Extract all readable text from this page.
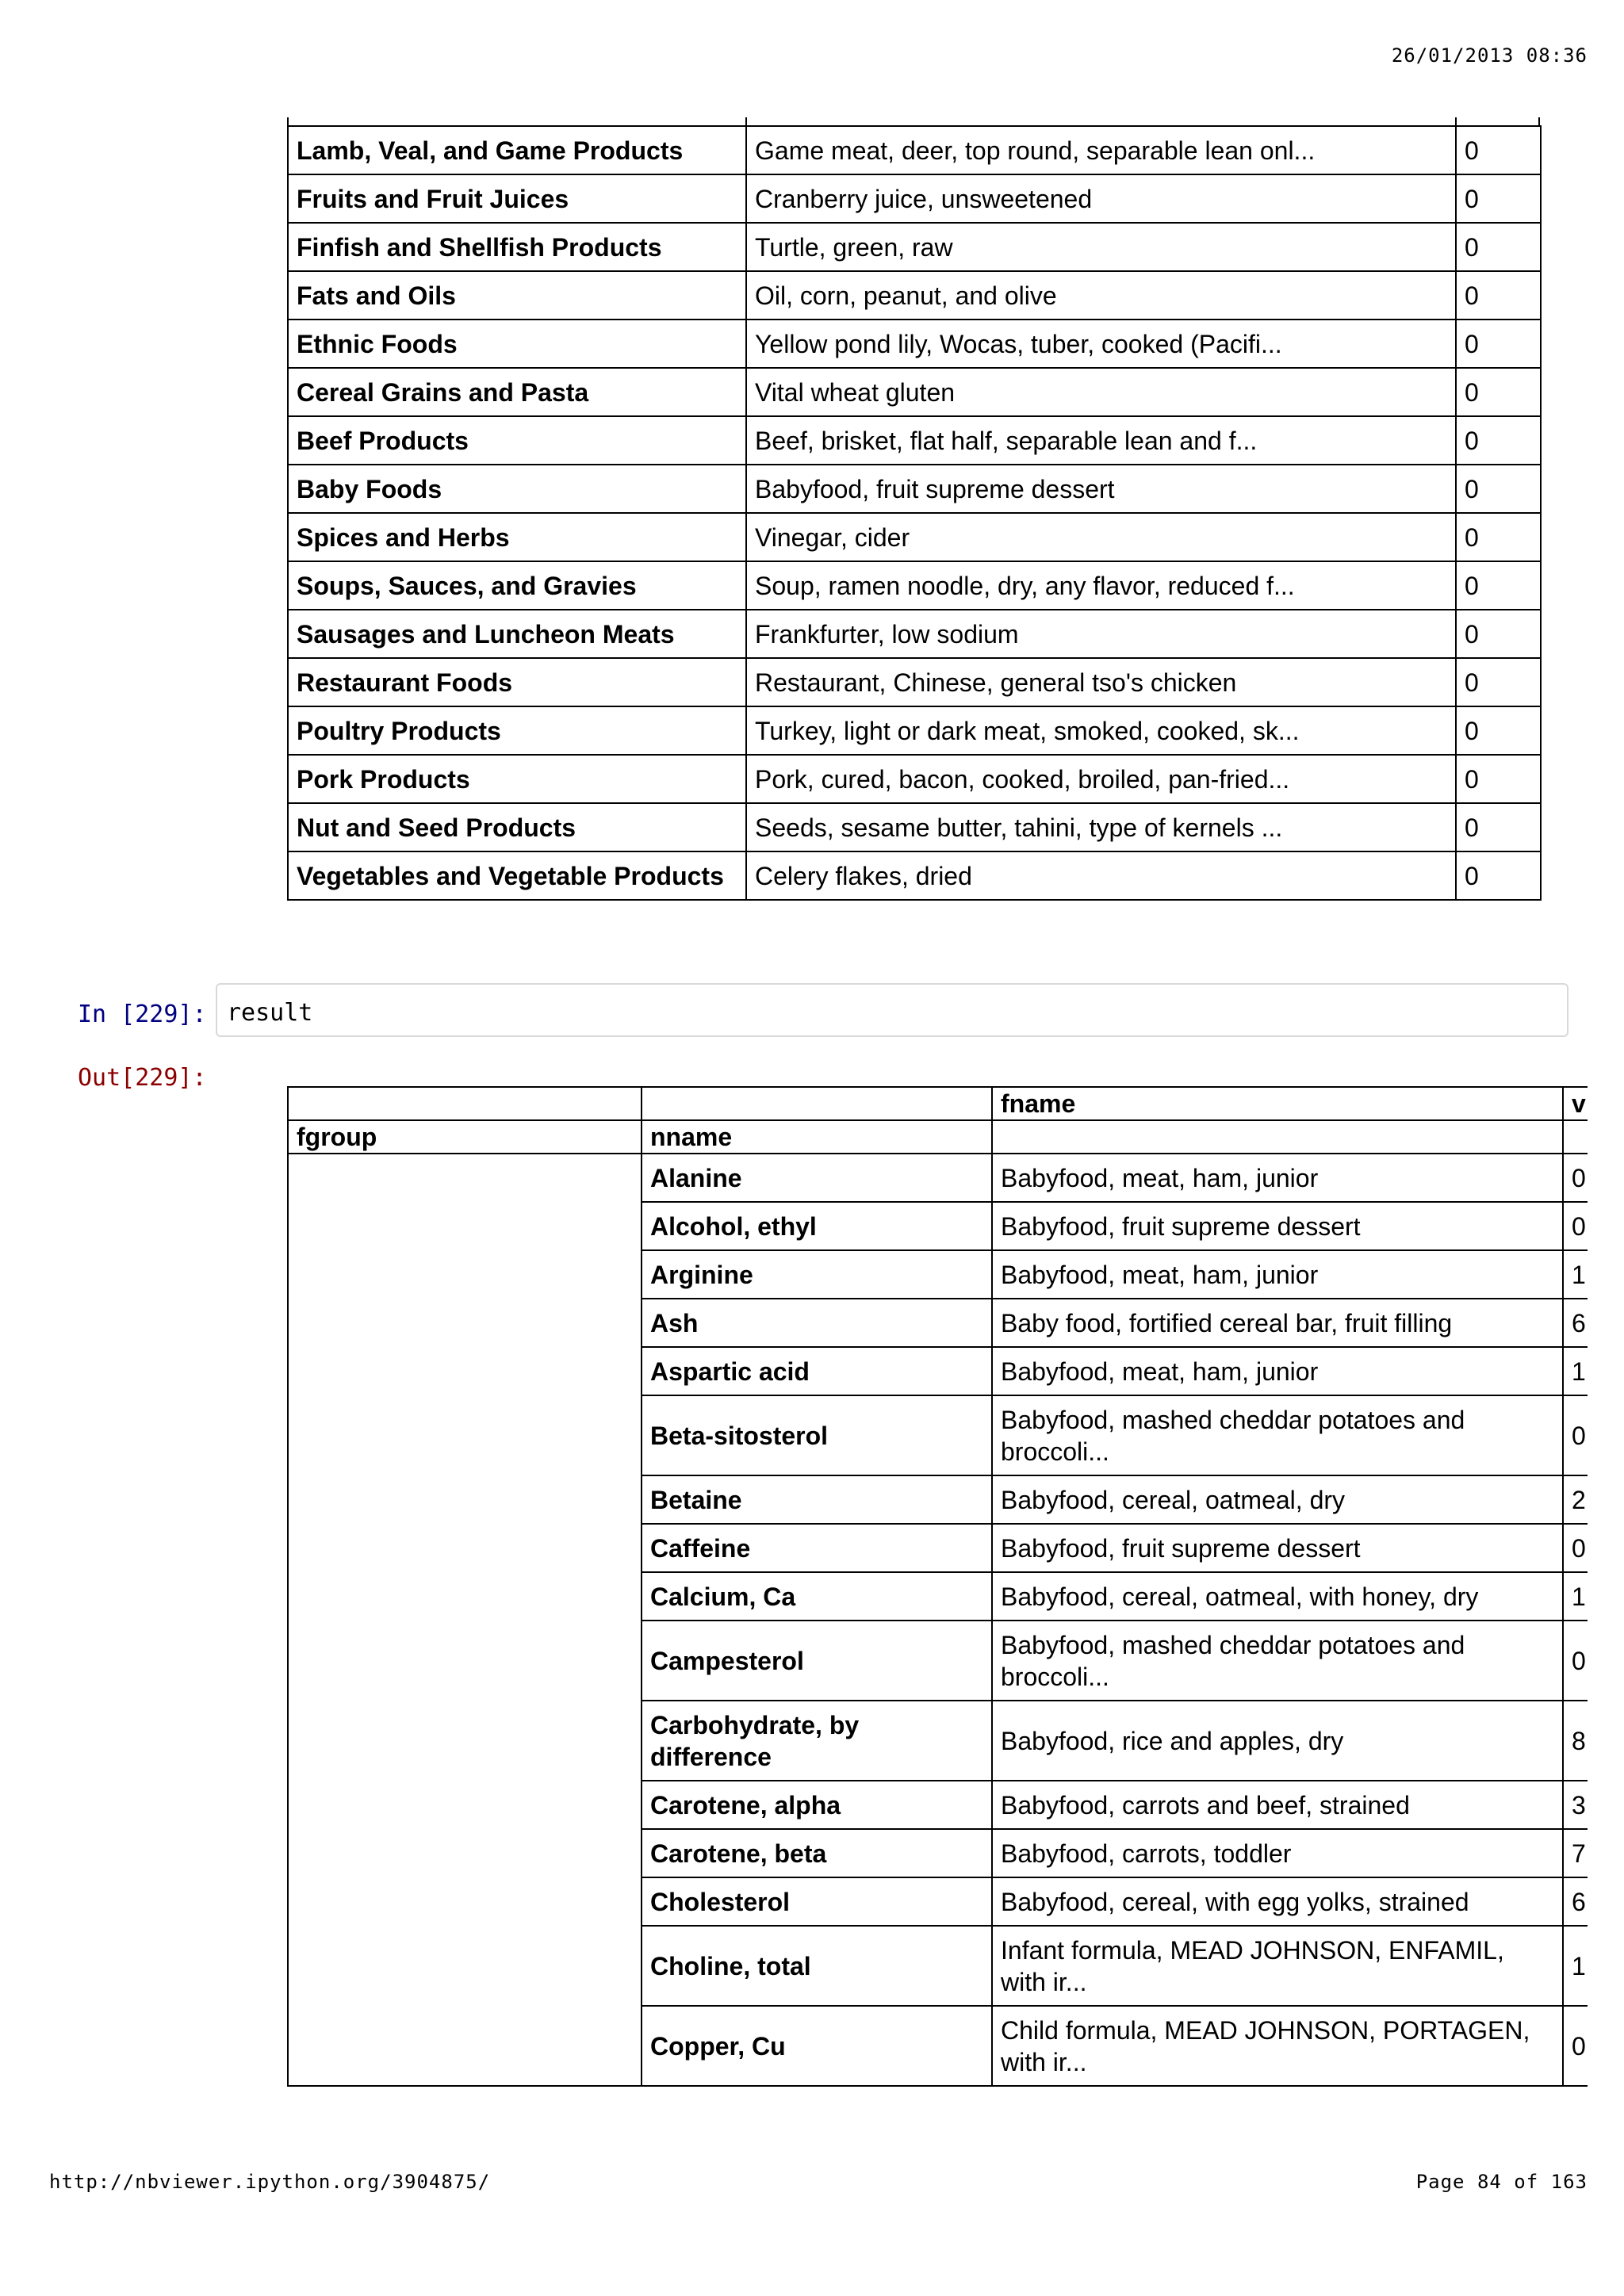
26/01/2013 08:36
Lamb, Veal, and Game Products	Game meat, deer, top round, separable lean onl...	0
Fruits and Fruit Juices	Cranberry juice, unsweetened	0
Finfish and Shellfish Products	Turtle, green, raw	0
Fats and Oils	Oil, corn, peanut, and olive	0
Ethnic Foods	Yellow pond lily, Wocas, tuber, cooked (Pacifi...	0
Cereal Grains and Pasta	Vital wheat gluten	0
Beef Products	Beef, brisket, flat half, separable lean and f...	0
Baby Foods	Babyfood, fruit supreme dessert	0
Spices and Herbs	Vinegar, cider	0
Soups, Sauces, and Gravies	Soup, ramen noodle, dry, any flavor, reduced f...	0
Sausages and Luncheon Meats	Frankfurter, low sodium	0
Restaurant Foods	Restaurant, Chinese, general tso's chicken	0
Poultry Products	Turkey, light or dark meat, smoked, cooked, sk...	0
Pork Products	Pork, cured, bacon, cooked, broiled, pan-fried...	0
Nut and Seed Products	Seeds, sesame butter, tahini, type of kernels ...	0
Vegetables and Vegetable Products	Celery flakes, dried	0
In [229]: result
Out[229]:
		fname	v
fgroup	nname		
	Alanine	Babyfood, meat, ham, junior	0
	Alcohol, ethyl	Babyfood, fruit supreme dessert	0
	Arginine	Babyfood, meat, ham, junior	1
	Ash	Baby food, fortified cereal bar, fruit filling	6
	Aspartic acid	Babyfood, meat, ham, junior	1
	Beta-sitosterol	Babyfood, mashed cheddar potatoes and broccoli...	0
	Betaine	Babyfood, cereal, oatmeal, dry	2
	Caffeine	Babyfood, fruit supreme dessert	0
	Calcium, Ca	Babyfood, cereal, oatmeal, with honey, dry	1
	Campesterol	Babyfood, mashed cheddar potatoes and broccoli...	0
	Carbohydrate, by difference	Babyfood, rice and apples, dry	8
	Carotene, alpha	Babyfood, carrots and beef, strained	3
	Carotene, beta	Babyfood, carrots, toddler	7
	Cholesterol	Babyfood, cereal, with egg yolks, strained	6
	Choline, total	Infant formula, MEAD JOHNSON, ENFAMIL, with ir...	1
	Copper, Cu	Child formula, MEAD JOHNSON, PORTAGEN, with ir...	0
http://nbviewer.ipython.org/3904875/	Page 84 of 163
